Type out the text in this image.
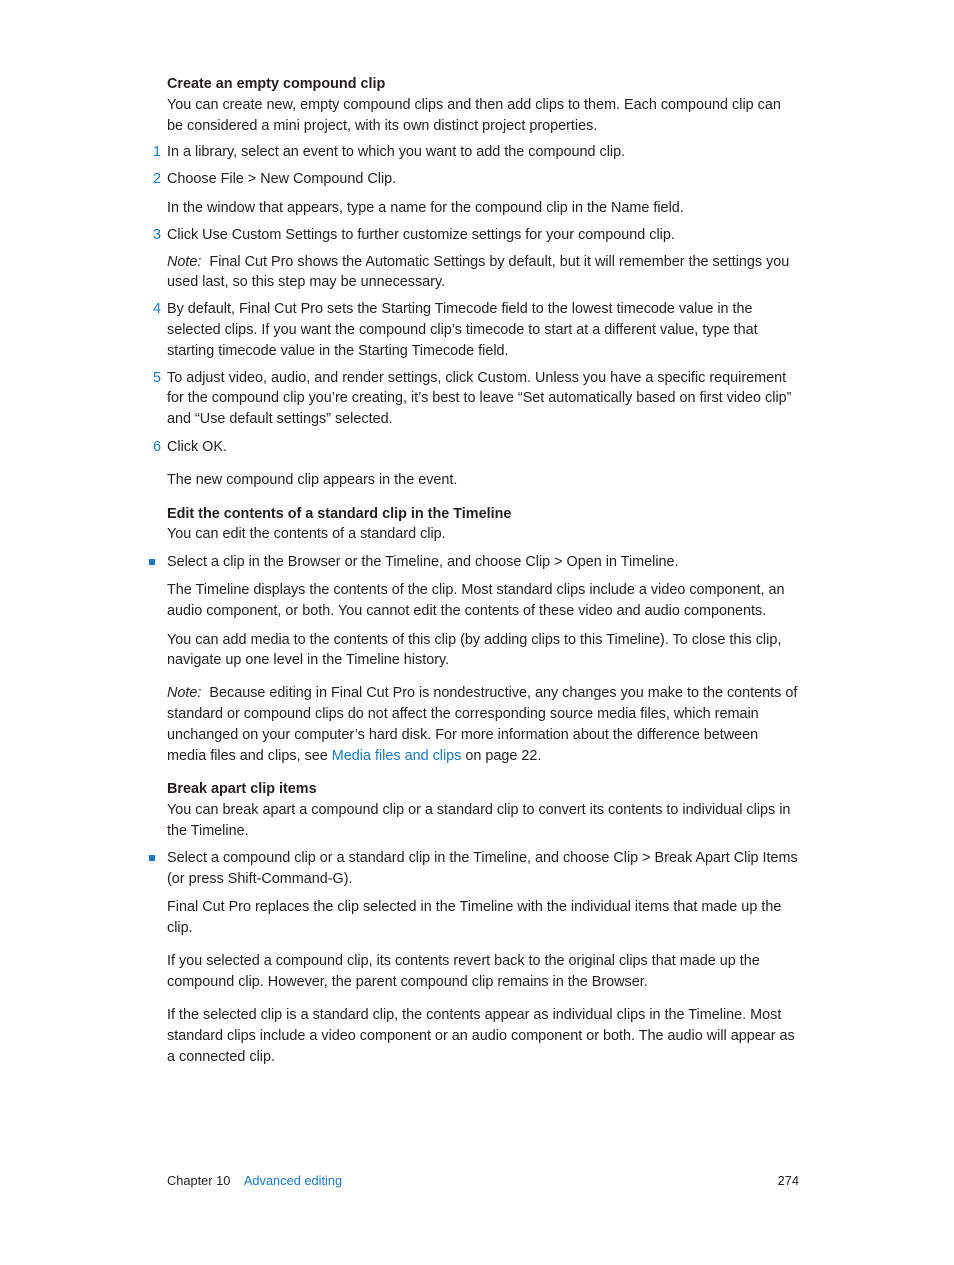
Create an empty compound clip
You can create new, empty compound clips and then add clips to them. Each compound clip can be considered a mini project, with its own distinct project properties.
1 In a library, select an event to which you want to add the compound clip.
2 Choose File > New Compound Clip.
In the window that appears, type a name for the compound clip in the Name field.
3 Click Use Custom Settings to further customize settings for your compound clip.
Note: Final Cut Pro shows the Automatic Settings by default, but it will remember the settings you used last, so this step may be unnecessary.
4 By default, Final Cut Pro sets the Starting Timecode field to the lowest timecode value in the selected clips. If you want the compound clip’s timecode to start at a different value, type that starting timecode value in the Starting Timecode field.
5 To adjust video, audio, and render settings, click Custom. Unless you have a specific requirement for the compound clip you’re creating, it’s best to leave “Set automatically based on first video clip” and “Use default settings” selected.
6 Click OK.
The new compound clip appears in the event.
Edit the contents of a standard clip in the Timeline
You can edit the contents of a standard clip.
Select a clip in the Browser or the Timeline, and choose Clip > Open in Timeline.
The Timeline displays the contents of the clip. Most standard clips include a video component, an audio component, or both. You cannot edit the contents of these video and audio components.
You can add media to the contents of this clip (by adding clips to this Timeline). To close this clip, navigate up one level in the Timeline history.
Note: Because editing in Final Cut Pro is nondestructive, any changes you make to the contents of standard or compound clips do not affect the corresponding source media files, which remain unchanged on your computer’s hard disk. For more information about the difference between media files and clips, see Media files and clips on page 22.
Break apart clip items
You can break apart a compound clip or a standard clip to convert its contents to individual clips in the Timeline.
Select a compound clip or a standard clip in the Timeline, and choose Clip > Break Apart Clip Items (or press Shift-Command-G).
Final Cut Pro replaces the clip selected in the Timeline with the individual items that made up the clip.
If you selected a compound clip, its contents revert back to the original clips that made up the compound clip. However, the parent compound clip remains in the Browser.
If the selected clip is a standard clip, the contents appear as individual clips in the Timeline. Most standard clips include a video component or an audio component or both. The audio will appear as a connected clip.
Chapter 10 Advanced editing	274
